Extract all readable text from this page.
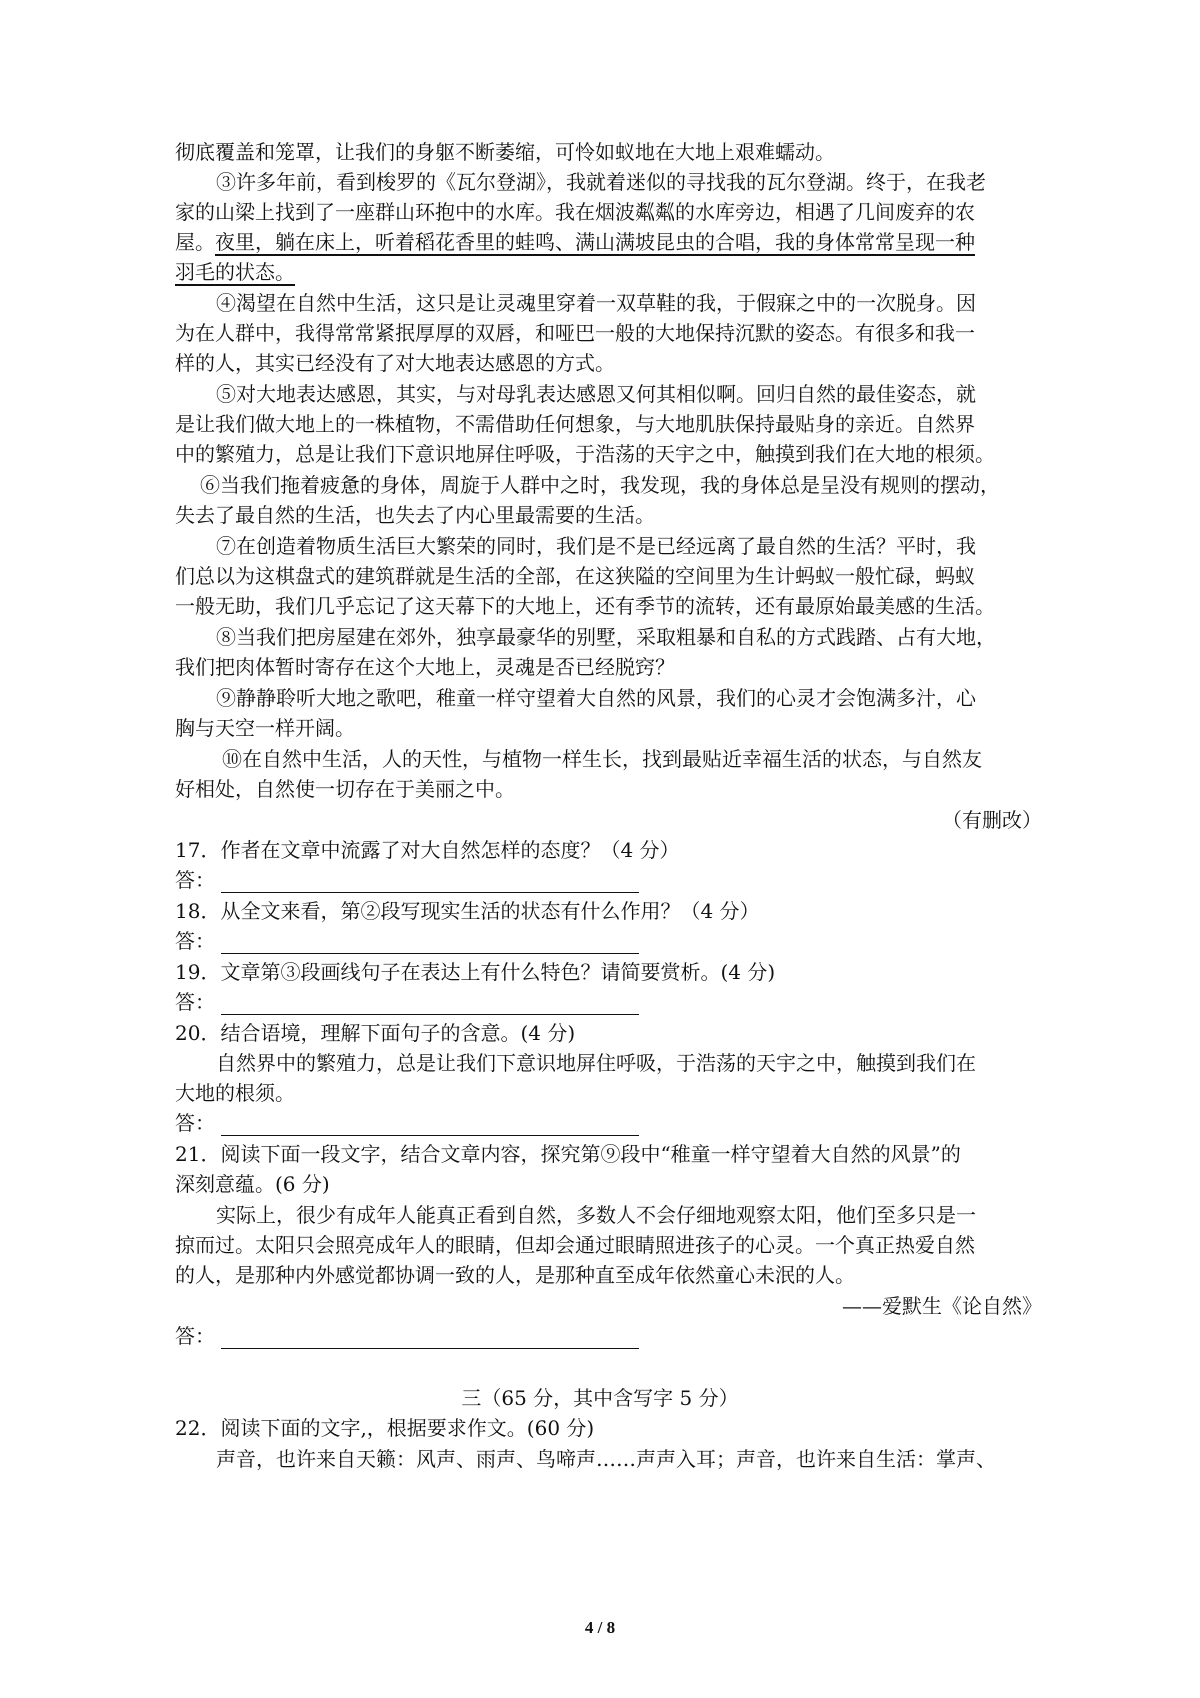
彻底覆盖和笼罩，让我们的身躯不断萎缩，可怜如蚁地在大地上艰难蠕动。
③许多年前，看到梭罗的《瓦尔登湖》，我就着迷似的寻找我的瓦尔登湖。终于，在我老
家的山梁上找到了一座群山环抱中的水库。我在烟波粼粼的水库旁边，相遇了几间废弃的农
屋。夜里，躺在床上，听着稻花香里的蛙鸣、满山满坡昆虫的合唱，我的身体常常呈现一种
羽毛的状态。
④渴望在自然中生活，这只是让灵魂里穿着一双草鞋的我，于假寐之中的一次脱身。因
为在人群中，我得常常紧抿厚厚的双唇，和哑巴一般的大地保持沉默的姿态。有很多和我一
样的人，其实已经没有了对大地表达感恩的方式。
⑤对大地表达感恩，其实，与对母乳表达感恩又何其相似啊。回归自然的最佳姿态，就
是让我们做大地上的一株植物，不需借助任何想象，与大地肌肤保持最贴身的亲近。自然界
中的繁殖力，总是让我们下意识地屏住呼吸，于浩荡的天宇之中，触摸到我们在大地的根须。
⑥当我们拖着疲惫的身体，周旋于人群中之时，我发现，我的身体总是呈没有规则的摆动，
失去了最自然的生活，也失去了内心里最需要的生活。
⑦在创造着物质生活巨大繁荣的同时，我们是不是已经远离了最自然的生活？平时，我
们总以为这棋盘式的建筑群就是生活的全部，在这狭隘的空间里为生计蚂蚁一般忙碌，蚂蚁
一般无助，我们几乎忘记了这天幕下的大地上，还有季节的流转，还有最原始最美感的生活。
⑧当我们把房屋建在郊外，独享最豪华的别墅，采取粗暴和自私的方式践踏、占有大地，
我们把肉体暂时寄存在这个大地上，灵魂是否已经脱窍？
⑨静静聆听大地之歌吧，稚童一样守望着大自然的风景，我们的心灵才会饱满多汁，心
胸与天空一样开阔。
⑩在自然中生活，人的天性，与植物一样生长，找到最贴近幸福生活的状态，与自然友
好相处，自然使一切存在于美丽之中。
（有删改）
17．作者在文章中流露了对大自然怎样的态度？（4 分）
答：
18．从全文来看，第②段写现实生活的状态有什么作用？（4 分）
答：
19．文章第③段画线句子在表达上有什么特色？请简要赏析。(4 分)
答：
20．结合语境，理解下面句子的含意。(4 分)
自然界中的繁殖力，总是让我们下意识地屏住呼吸，于浩荡的天宇之中，触摸到我们在
大地的根须。
答：
21．阅读下面一段文字，结合文章内容，探究第⑨段中“稚童一样守望着大自然的风景”的
深刻意蕴。(6 分)
实际上，很少有成年人能真正看到自然，多数人不会仔细地观察太阳，他们至多只是一
掠而过。太阳只会照亮成年人的眼睛，但却会通过眼睛照进孩子的心灵。一个真正热爱自然
的人，是那种内外感觉都协调一致的人，是那种直至成年依然童心未泯的人。
——爱默生《论自然》
答：
三（65 分，其中含写字 5 分）
22．阅读下面的文字,，根据要求作文。(60 分)
声音，也许来自天籁：风声、雨声、鸟啼声……声声入耳；声音，也许来自生活：掌声、
4 / 8
